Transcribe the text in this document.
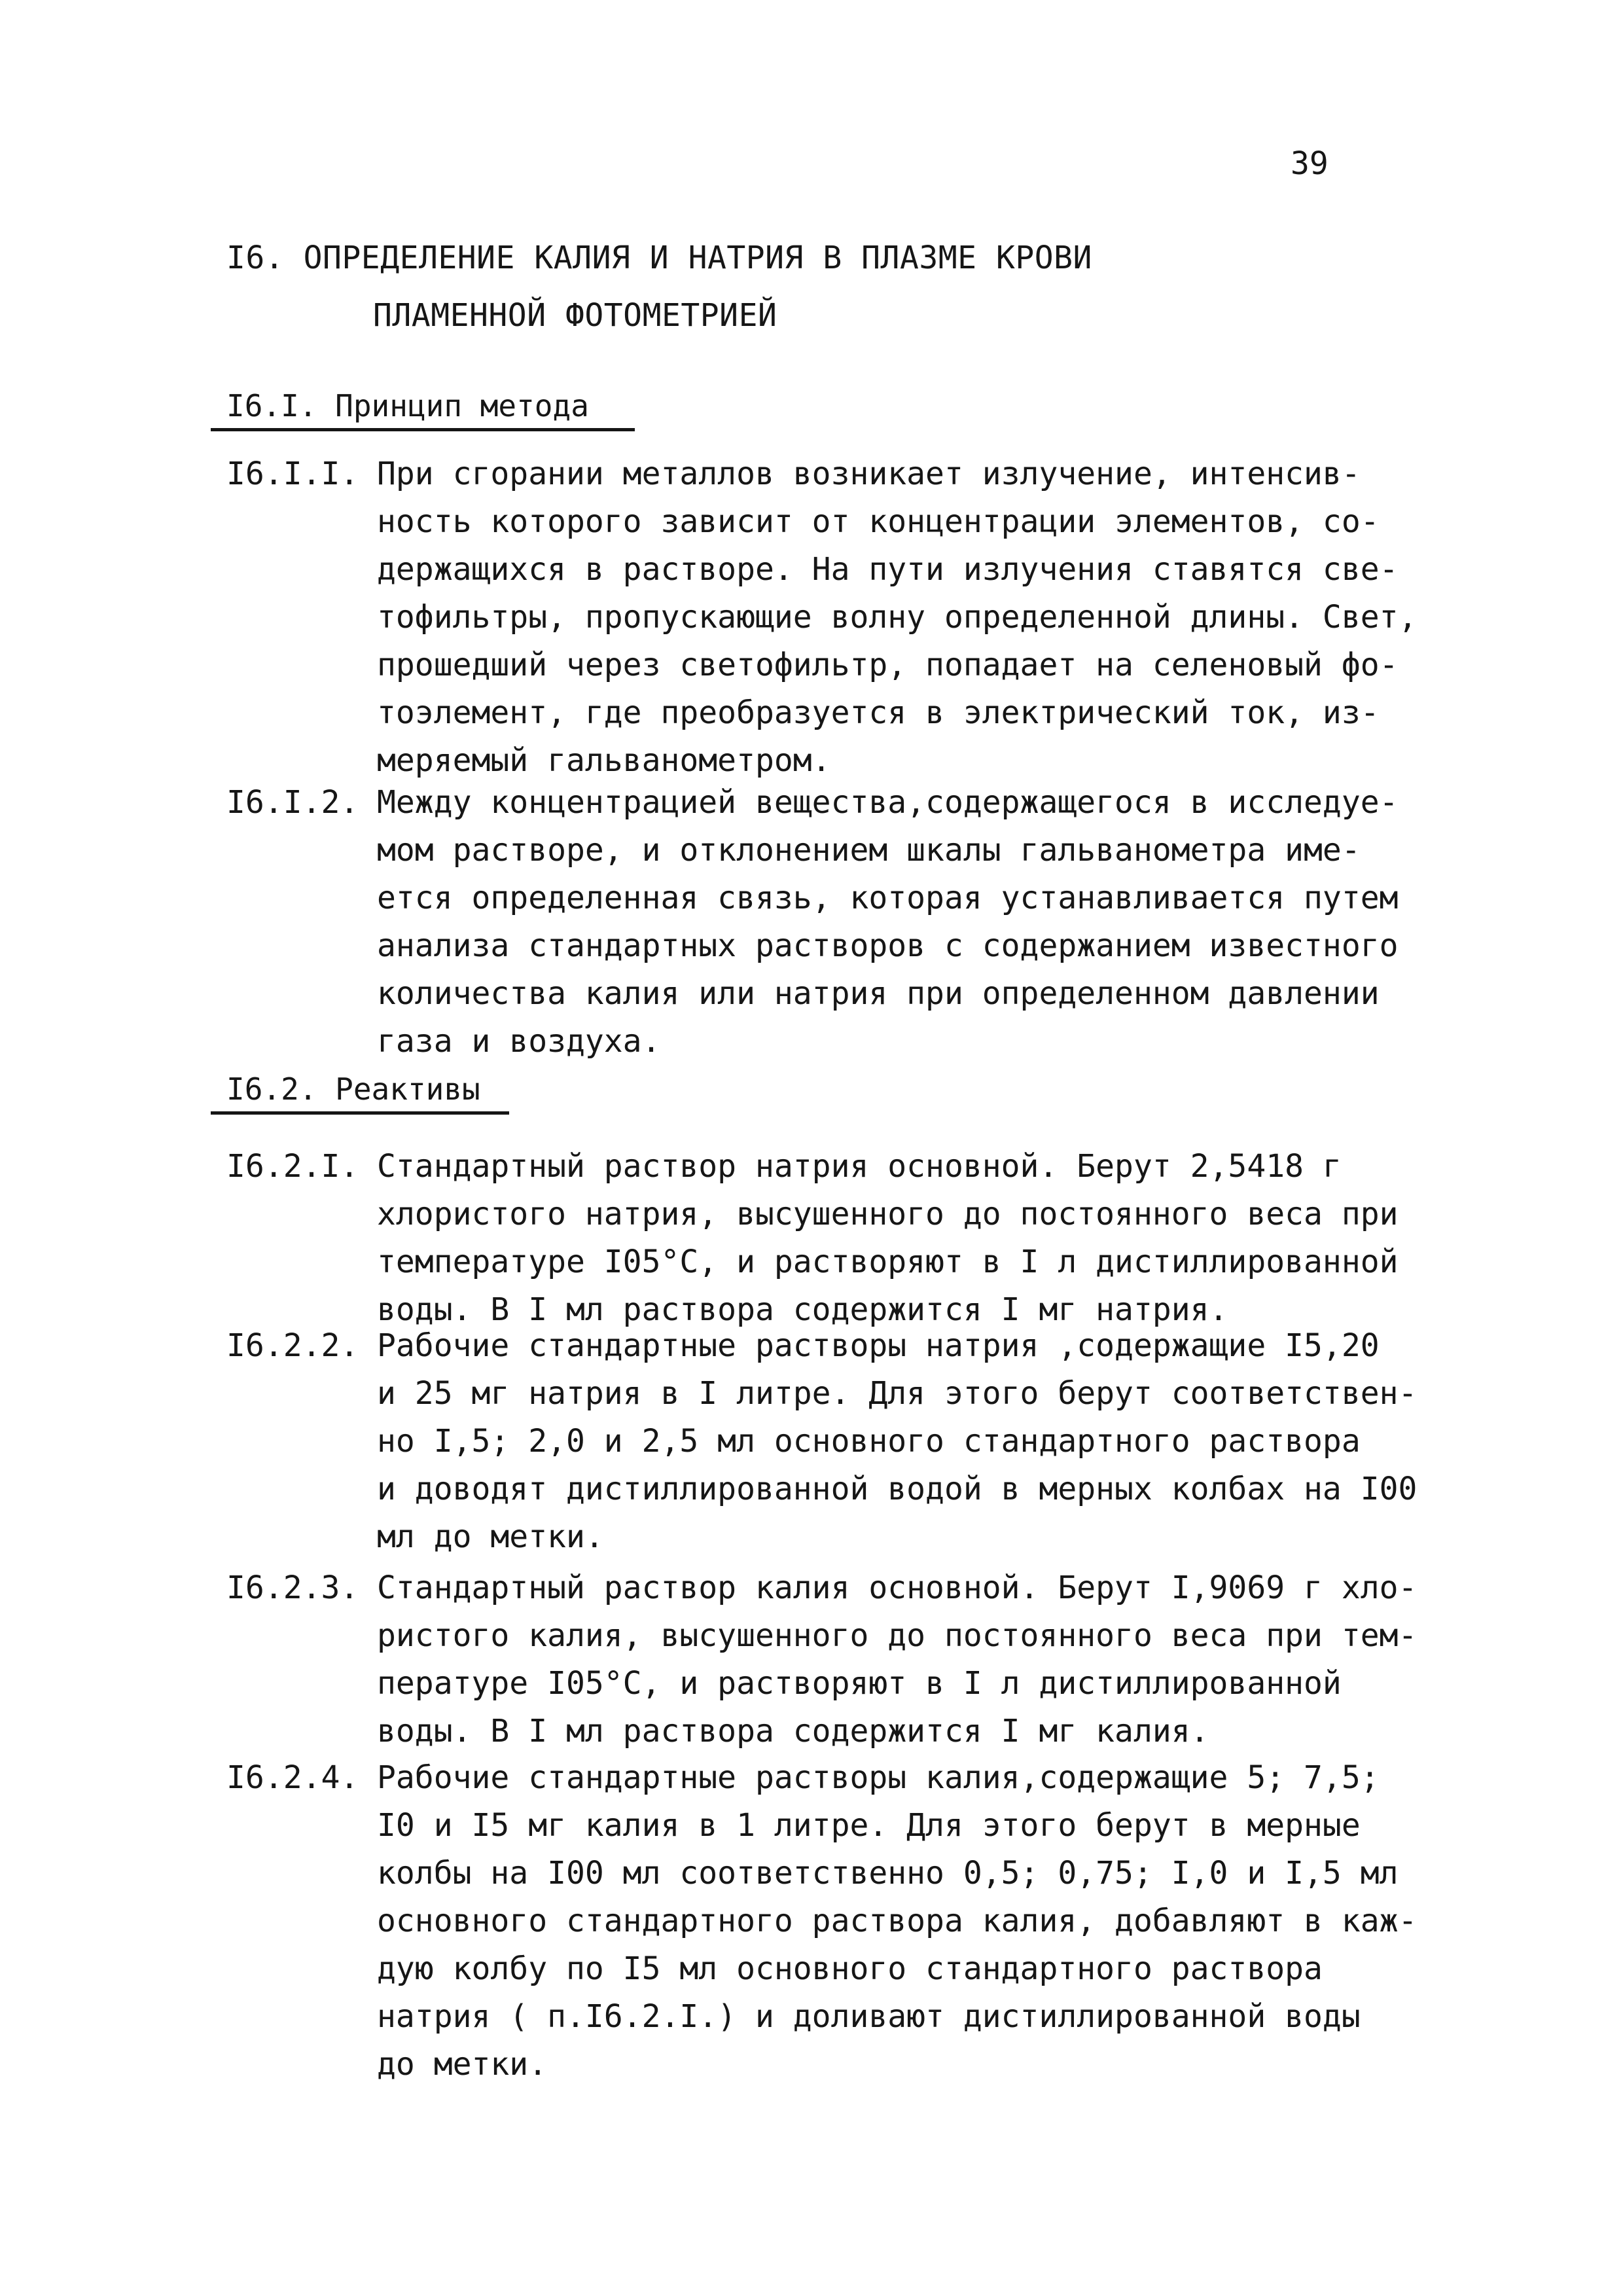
39
I6. ОПРЕДЕЛЕНИЕ КАЛИЯ И НАТРИЯ В ПЛАЗМЕ КРОВИ
ПЛАМЕННОЙ ФОТОМЕТРИЕЙ
I6.I. Принцип метода
I6.I.I. При сгорании металлов возникает излучение, интенсив-
ность которого зависит от концентрации элементов, со-
держащихся в растворе. На пути излучения ставятся све-
тофильтры, пропускающие волну определенной длины. Свет,
прошедший через светофильтр, попадает на селеновый фо-
тоэлемент, где преобразуется в электрический ток, из-
меряемый гальванометром.
I6.I.2. Между концентрацией вещества,содержащегося в исследуе-
мом растворе, и отклонением шкалы гальванометра име-
ется определенная связь, которая устанавливается путем
анализа стандартных растворов с содержанием известного
количества калия или натрия при определенном давлении
газа и воздуха.
I6.2. Реактивы
I6.2.I. Стандартный раствор натрия основной. Берут 2,5418 г
хлористого натрия, высушенного до постоянного веса при
температуре I05°С, и растворяют в I л дистиллированной
воды. В I мл раствора содержится I мг натрия.
I6.2.2. Рабочие стандартные растворы натрия ,содержащие I5,20
и 25 мг натрия в I литре. Для этого берут соответствен-
но I,5; 2,0 и 2,5 мл основного стандартного раствора
и доводят дистиллированной водой в мерных колбах на I00
мл до метки.
I6.2.3. Стандартный раствор калия основной. Берут I,9069 г хло-
ристого калия, высушенного до постоянного веса при тем-
пературе I05°С, и растворяют в I л дистиллированной
воды. В I мл раствора содержится I мг калия.
I6.2.4. Рабочие стандартные растворы калия,содержащие 5; 7,5;
I0 и I5 мг калия в 1 литре. Для этого берут в мерные
колбы на I00 мл соответственно 0,5; 0,75; I,0 и I,5 мл
основного стандартного раствора калия, добавляют в каж-
дую колбу по I5 мл основного стандартного раствора
натрия ( п.I6.2.I.) и доливают дистиллированной воды
до метки.
